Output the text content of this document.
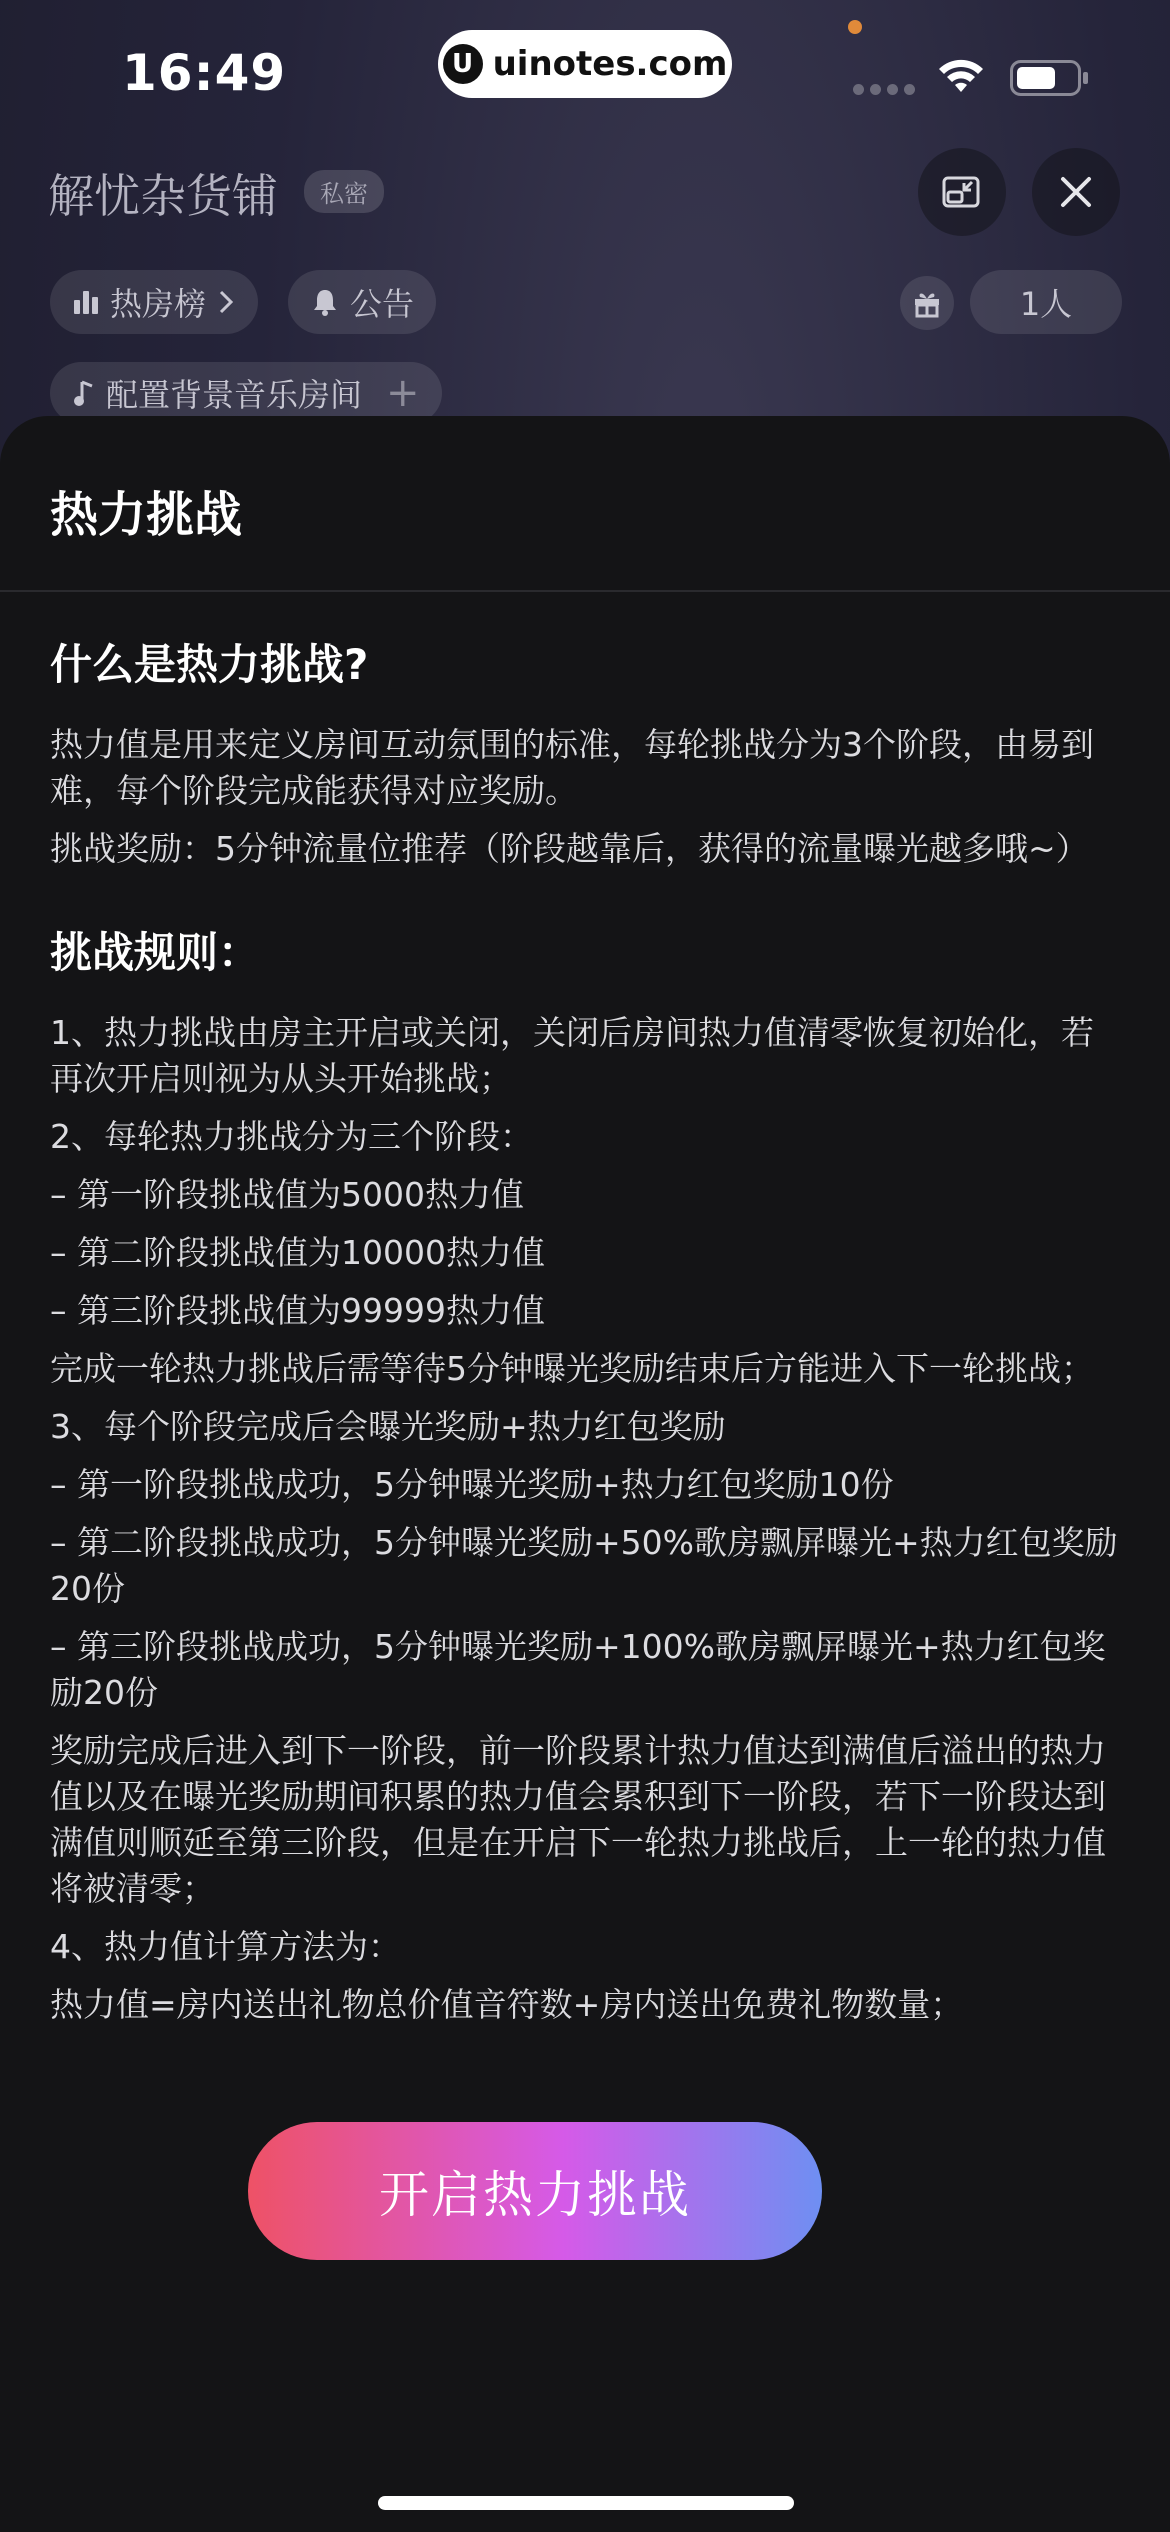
16:49	U uinotes.com
解忧杂货铺	私密
热房榜	公告	1人
配置背景音乐房间 +
热力挑战
什么是热力挑战?

热力值是用来定义房间互动氛围的标准，每轮挑战分为3个阶段，由易到难，每个阶段完成能获得对应奖励。

挑战奖励：5分钟流量位推荐（阶段越靠后，获得的流量曝光越多哦~）

挑战规则：

1、热力挑战由房主开启或关闭，关闭后房间热力值清零恢复初始化，若再次开启则视为从头开始挑战；

2、每轮热力挑战分为三个阶段：

– 第一阶段挑战值为5000热力值

– 第二阶段挑战值为10000热力值

– 第三阶段挑战值为99999热力值

完成一轮热力挑战后需等待5分钟曝光奖励结束后方能进入下一轮挑战；

3、每个阶段完成后会曝光奖励+热力红包奖励

– 第一阶段挑战成功，5分钟曝光奖励+热力红包奖励10份

– 第二阶段挑战成功，5分钟曝光奖励+50%歌房飘屏曝光+热力红包奖励20份

– 第三阶段挑战成功，5分钟曝光奖励+100%歌房飘屏曝光+热力红包奖励20份

奖励完成后进入到下一阶段，前一阶段累计热力值达到满值后溢出的热力值以及在曝光奖励期间积累的热力值会累积到下一阶段，若下一阶段达到满值则顺延至第三阶段，但是在开启下一轮热力挑战后，上一轮的热力值将被清零；

4、热力值计算方法为：

热力值=房内送出礼物总价值音符数+房内送出免费礼物数量；

开启热力挑战
